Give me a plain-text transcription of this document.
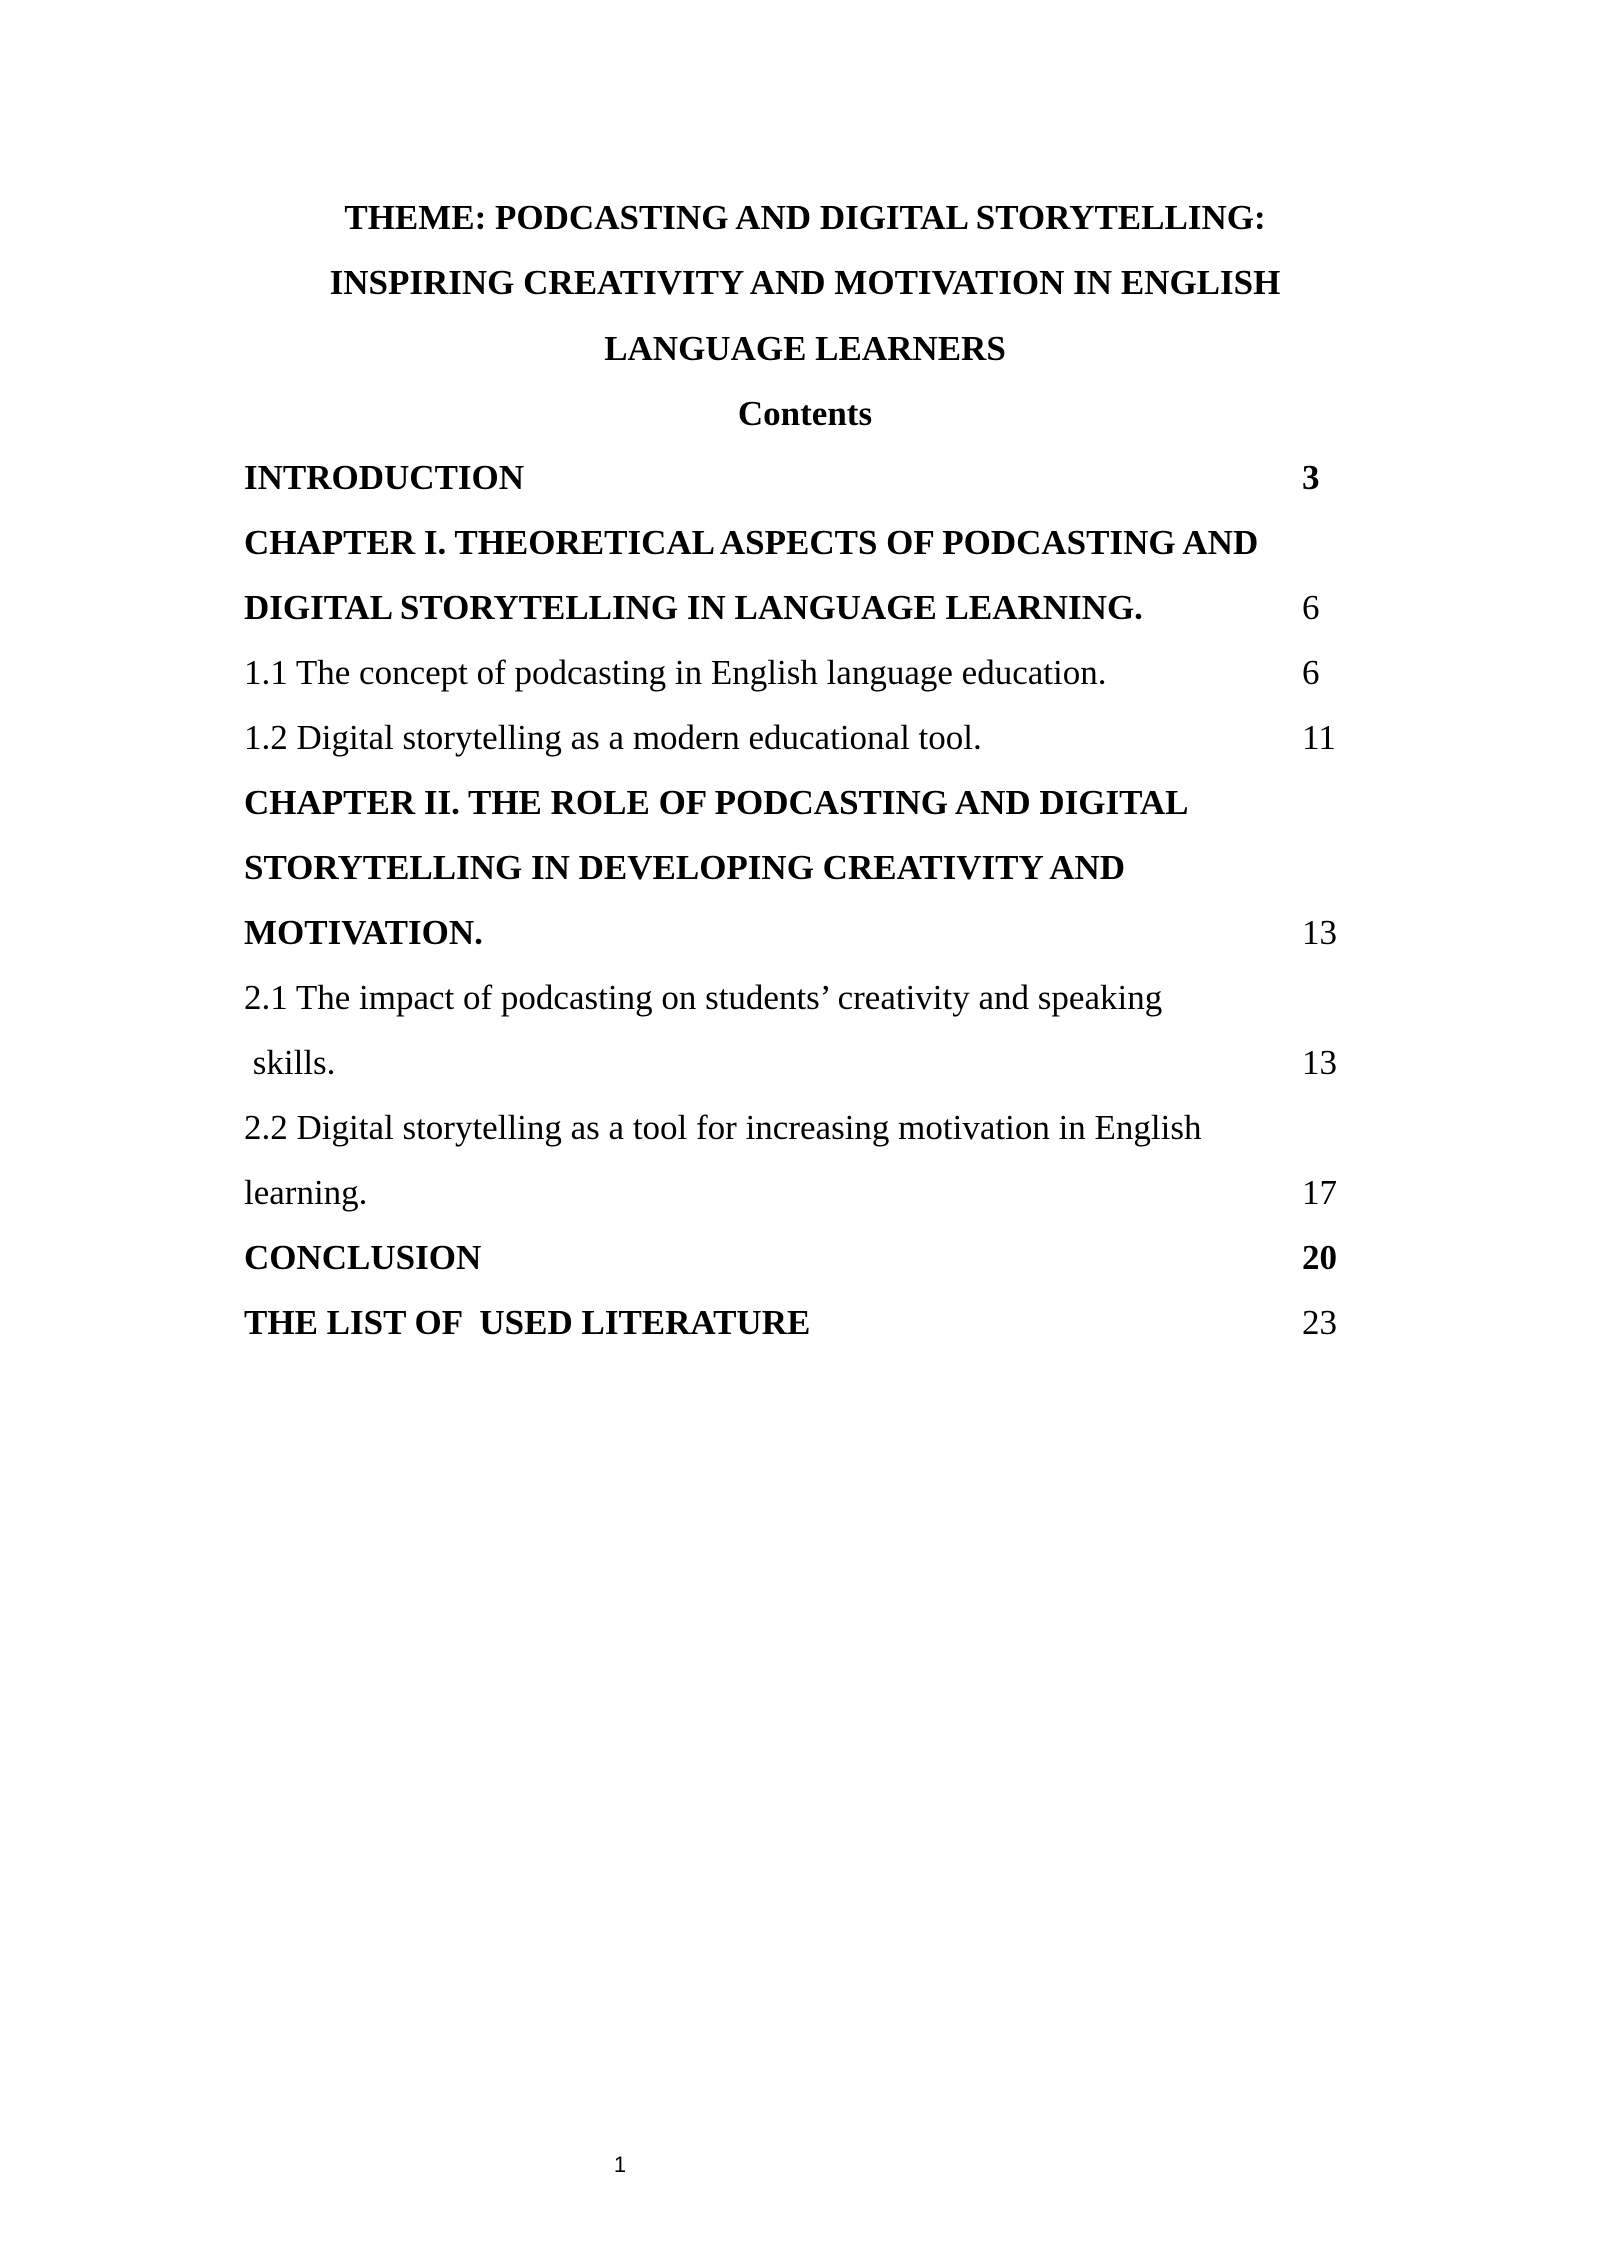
THEME: PODCASTING AND DIGITAL STORYTELLING:
INSPIRING CREATIVITY AND MOTIVATION IN ENGLISH
LANGUAGE LEARNERS
Contents
INTRODUCTION	3
CHAPTER I. THEORETICAL ASPECTS OF PODCASTING AND
DIGITAL STORYTELLING IN LANGUAGE LEARNING.	6
1.1 The concept of podcasting in English language education.	6
1.2 Digital storytelling as a modern educational tool.	11
CHAPTER II. THE ROLE OF PODCASTING AND DIGITAL
STORYTELLING IN DEVELOPING CREATIVITY AND
MOTIVATION.	13
2.1 The impact of podcasting on students’ creativity and speaking
skills.	13
2.2 Digital storytelling as a tool for increasing motivation in English
learning.	17
CONCLUSION	20
THE LIST OF  USED LITERATURE	23
1
